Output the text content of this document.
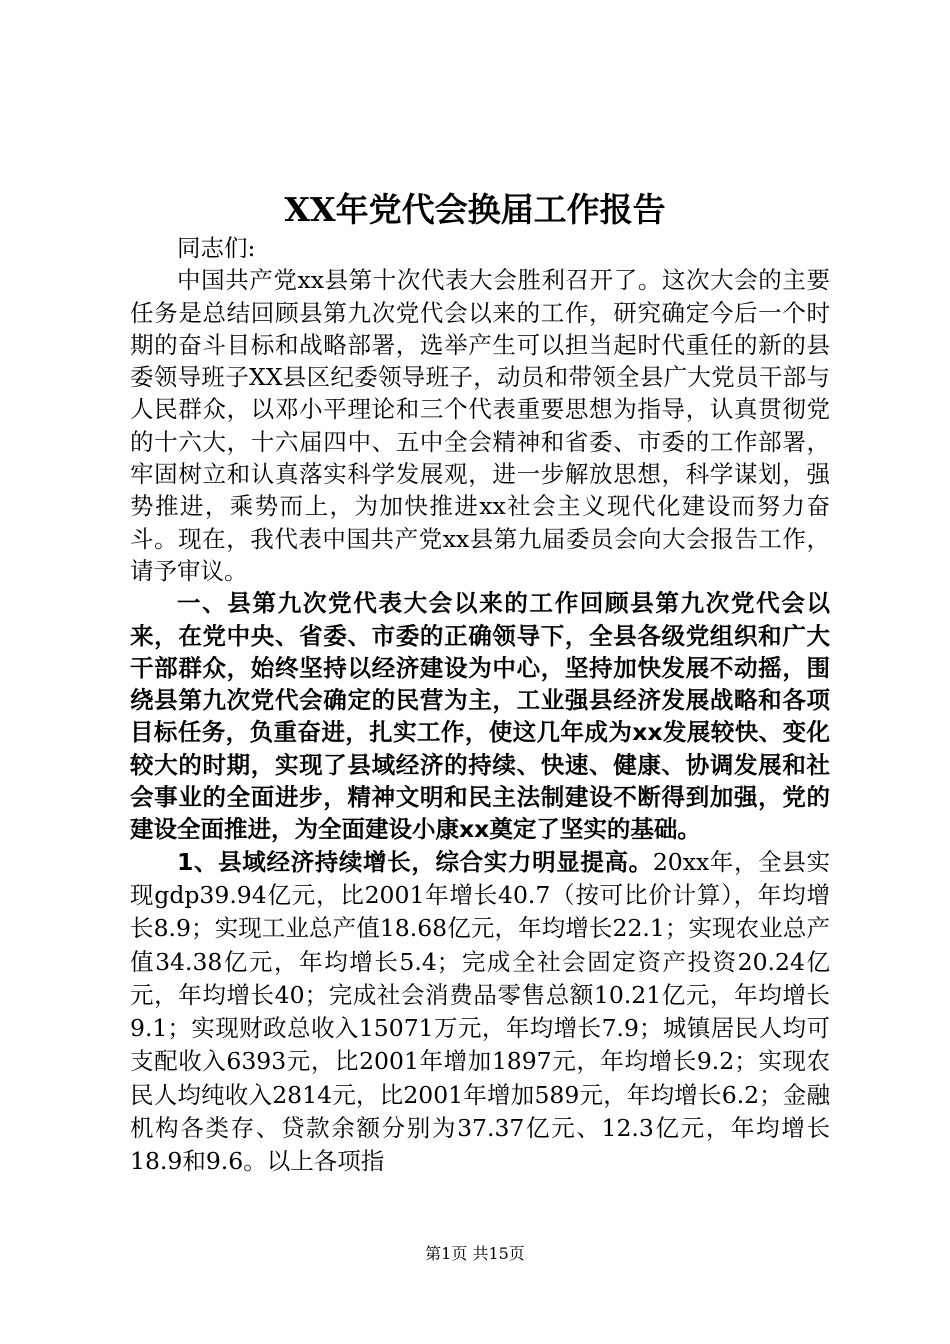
XX年党代会换届工作报告

同志们:

中国共产党xx县第十次代表大会胜利召开了。这次大会的主要任务是总结回顾县第九次党代会以来的工作，研究确定今后一个时期的奋斗目标和战略部署，选举产生可以担当起时代重任的新的县委领导班子XX县区纪委领导班子，动员和带领全县广大党员干部与人民群众，以邓小平理论和三个代表重要思想为指导，认真贯彻党的十六大，十六届四中、五中全会精神和省委、市委的工作部署，牢固树立和认真落实科学发展观，进一步解放思想，科学谋划，强势推进，乘势而上，为加快推进xx社会主义现代化建设而努力奋斗。现在，我代表中国共产党xx县第九届委员会向大会报告工作，请予审议。

一、县第九次党代表大会以来的工作回顾县第九次党代会以来，在党中央、省委、市委的正确领导下，全县各级党组织和广大干部群众，始终坚持以经济建设为中心，坚持加快发展不动摇，围绕县第九次党代会确定的民营为主，工业强县经济发展战略和各项目标任务，负重奋进，扎实工作，使这几年成为xx发展较快、变化较大的时期，实现了县域经济的持续、快速、健康、协调发展和社会事业的全面进步，精神文明和民主法制建设不断得到加强，党的建设全面推进，为全面建设小康xx奠定了坚实的基础。

1、县域经济持续增长，综合实力明显提高。20xx年，全县实现gdp39.94亿元，比2001年增长40.7（按可比价计算），年均增长8.9；实现工业总产值18.68亿元，年均增长22.1；实现农业总产值34.38亿元，年均增长5.4；完成全社会固定资产投资20.24亿元，年均增长40；完成社会消费品零售总额10.21亿元，年均增长9.1；实现财政总收入15071万元，年均增长7.9；城镇居民人均可支配收入6393元，比2001年增加1897元，年均增长9.2；实现农民人均纯收入2814元，比2001年增加589元，年均增长6.2；金融机构各类存、贷款余额分别为37.37亿元、12.3亿元，年均增长18.9和9.6。以上各项指

第1页 共15页
